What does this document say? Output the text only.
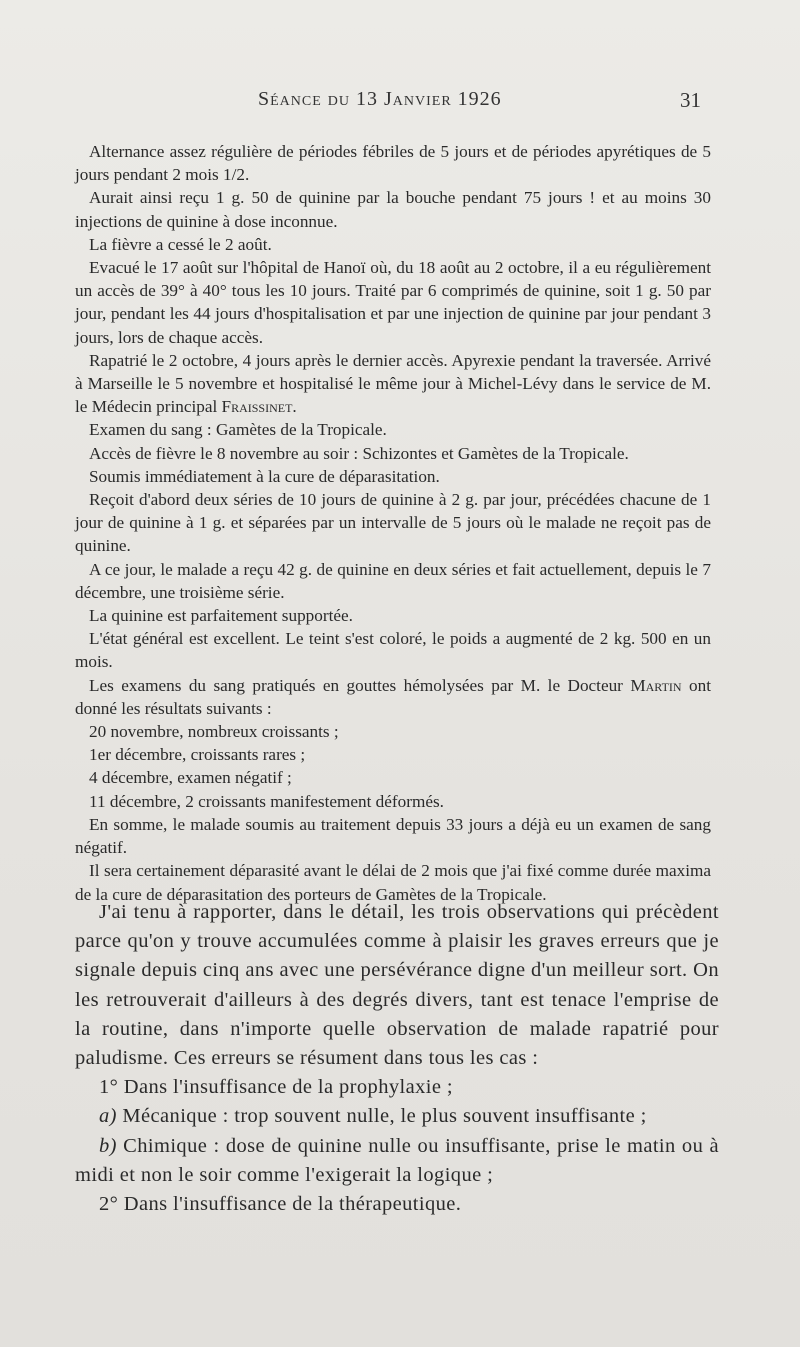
Séance du 13 Janvier 1926	31

Alternance assez régulière de périodes fébriles de 5 jours et de périodes apyrétiques de 5 jours pendant 2 mois 1/2.

Aurait ainsi reçu 1 g. 50 de quinine par la bouche pendant 75 jours ! et au moins 30 injections de quinine à dose inconnue.

La fièvre a cessé le 2 août.

Evacué le 17 août sur l'hôpital de Hanoï où, du 18 août au 2 octobre, il a eu régulièrement un accès de 39° à 40° tous les 10 jours. Traité par 6 comprimés de quinine, soit 1 g. 50 par jour, pendant les 44 jours d'hospitalisation et par une injection de quinine par jour pendant 3 jours, lors de chaque accès.

Rapatrié le 2 octobre, 4 jours après le dernier accès. Apyrexie pendant la traversée. Arrivé à Marseille le 5 novembre et hospitalisé le même jour à Michel-Lévy dans le service de M. le Médecin principal Fraissinet.

Examen du sang : Gamètes de la Tropicale.

Accès de fièvre le 8 novembre au soir : Schizontes et Gamètes de la Tropicale.

Soumis immédiatement à la cure de déparasitation.

Reçoit d'abord deux séries de 10 jours de quinine à 2 g. par jour, précédées chacune de 1 jour de quinine à 1 g. et séparées par un intervalle de 5 jours où le malade ne reçoit pas de quinine.

A ce jour, le malade a reçu 42 g. de quinine en deux séries et fait actuellement, depuis le 7 décembre, une troisième série.

La quinine est parfaitement supportée.

L'état général est excellent. Le teint s'est coloré, le poids a augmenté de 2 kg. 500 en un mois.

Les examens du sang pratiqués en gouttes hémolysées par M. le Docteur Martin ont donné les résultats suivants :

20 novembre, nombreux croissants ;

1er décembre, croissants rares ;

4 décembre, examen négatif ;

11 décembre, 2 croissants manifestement déformés.

En somme, le malade soumis au traitement depuis 33 jours a déjà eu un examen de sang négatif.

Il sera certainement déparasité avant le délai de 2 mois que j'ai fixé comme durée maxima de la cure de déparasitation des porteurs de Gamètes de la Tropicale.

J'ai tenu à rapporter, dans le détail, les trois observations qui précèdent parce qu'on y trouve accumulées comme à plaisir les graves erreurs que je signale depuis cinq ans avec une persévérance digne d'un meilleur sort. On les retrouverait d'ailleurs à des degrés divers, tant est tenace l'emprise de la routine, dans n'importe quelle observation de malade rapatrié pour paludisme. Ces erreurs se résument dans tous les cas :

1° Dans l'insuffisance de la prophylaxie ;

a) Mécanique : trop souvent nulle, le plus souvent insuffisante ;

b) Chimique : dose de quinine nulle ou insuffisante, prise le matin ou à midi et non le soir comme l'exigerait la logique ;

2° Dans l'insuffisance de la thérapeutique.
